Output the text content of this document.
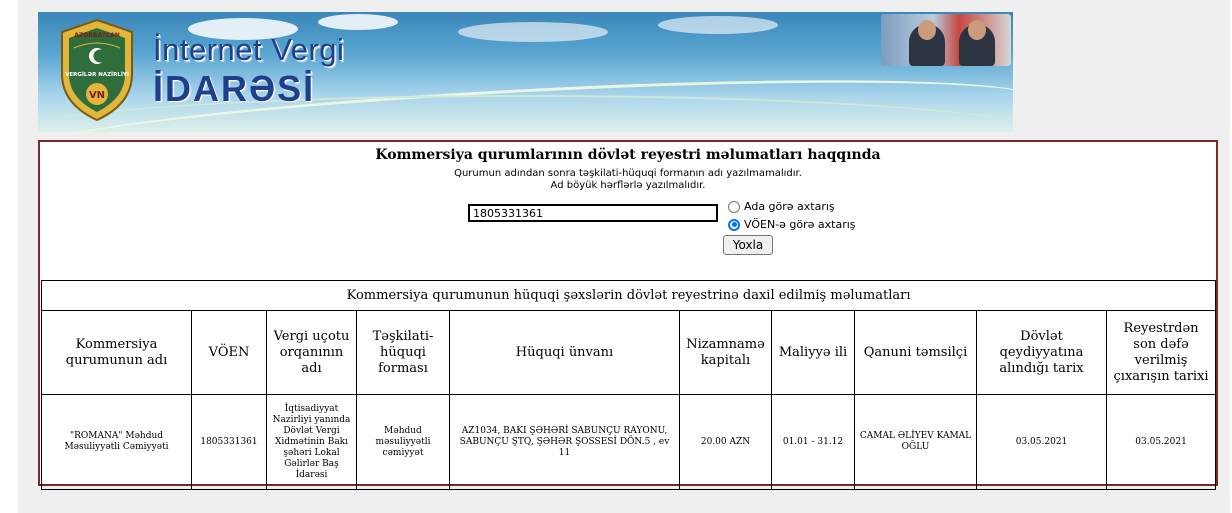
AZƏRBAYCAN
VERGİLƏR NAZİRLİYİ
VN
İnternet Vergi
İDARƏSİ
Kommersiya qurumlarının dövlət reyestri məlumatları haqqında
Qurumun adından sonra təşkilati-hüquqi formanın adı yazılmamalıdır.
Ad böyük hərflərlə yazılmalıdır.
1805331361
Ada görə axtarış
VÖEN-ə görə axtarış
Yoxla
Kommersiya qurumunun hüquqi şəxslərin dövlət reyestrinə daxil edilmiş məlumatları									
Kommersiya qurumunun adı	VÖEN	Vergi uçotu orqanının adı	Təşkilati-hüquqi forması	Hüquqi ünvanı	Nizamnamə kapitalı	Maliyyə ili	Qanuni təmsilçi	Dövlət qeydiyyatına alındığı tarix	Reyestrdən son dəfə verilmiş çıxarışın tarixi
"ROMANA" Məhdud Məsuliyyətli Cəmiyyəti	1805331361	İqtisadiyyat Nazirliyi yanında Dövlət Vergi Xidmətinin Bakı şəhəri Lokal Gəlirlər Baş İdarəsi	Məhdud məsuliyyətli cəmiyyət	AZ1034, BAKI ŞƏHƏRİ SABUNÇU RAYONU, SABUNÇU ŞTQ, ŞƏHƏR ŞOSSESİ DÖN.5 , ev 11	20.00 AZN	01.01 - 31.12	CAMAL ƏLİYEV KAMAL OĞLU	03.05.2021	03.05.2021
